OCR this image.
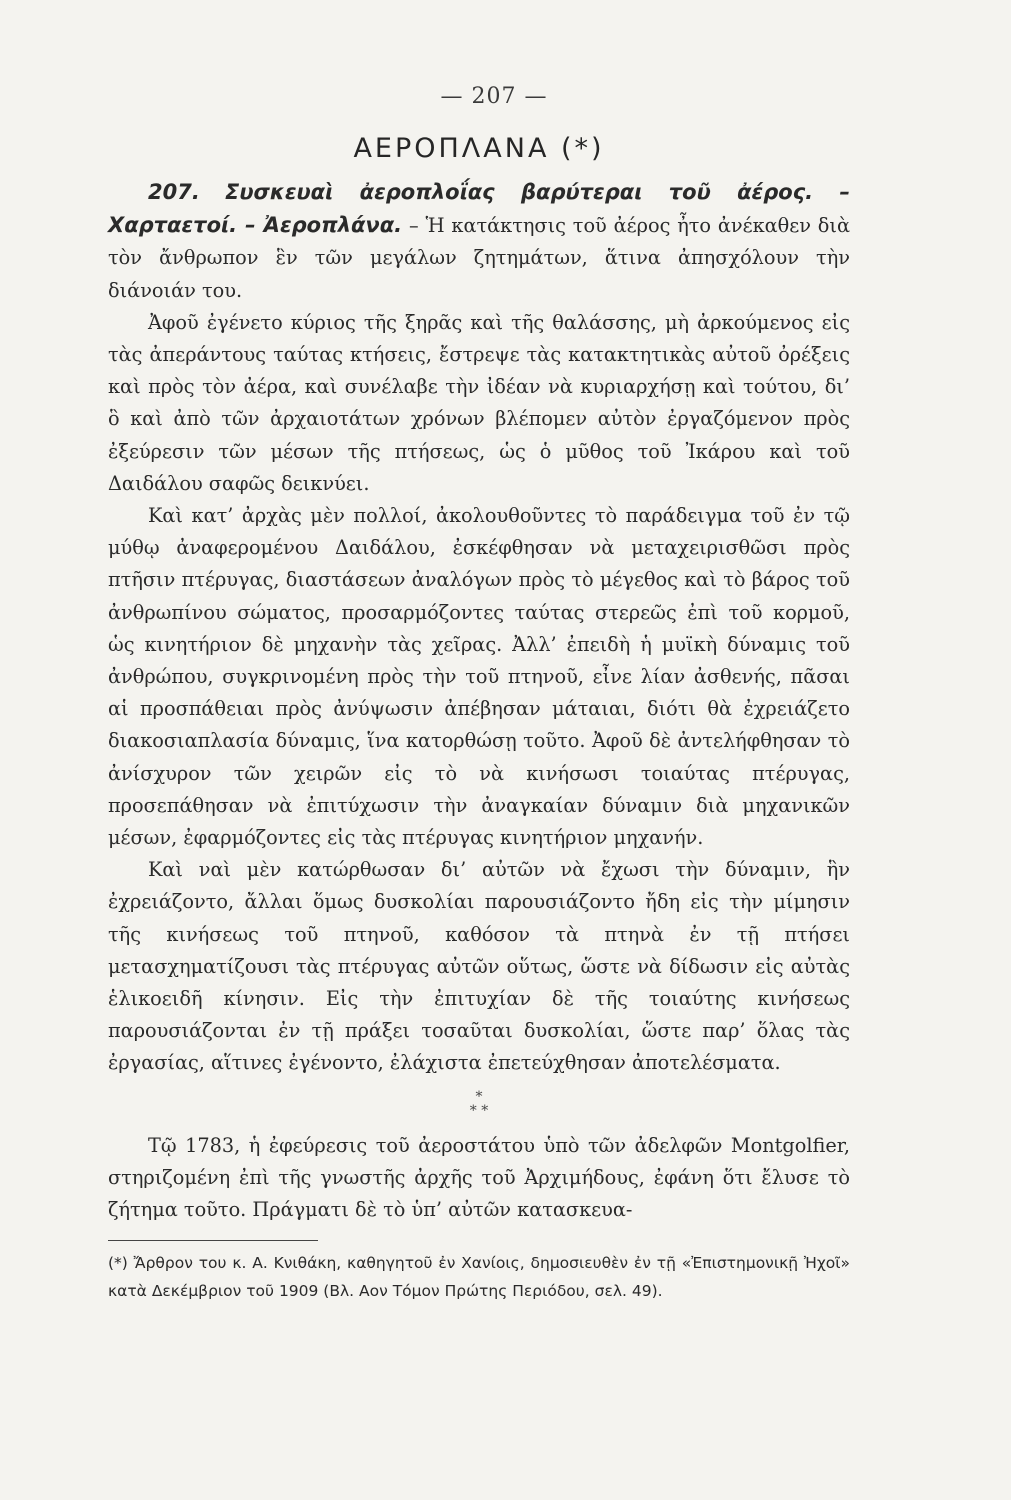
— 207 —
ΑΕΡΟΠΛΑΝΑ (*)

207. Συσκευαὶ ἀεροπλοΐας βαρύτεραι τοῦ ἀέρος. – Χαρταετοί. – Ἀεροπλάνα. – Ἡ κατάκτησις τοῦ ἀέρος ἦτο ἀνέκαθεν διὰ τὸν ἄνθρωπον ἓν τῶν μεγάλων ζητημάτων, ἅτινα ἀπησχόλουν τὴν διάνοιάν του.

Ἀφοῦ ἐγένετο κύριος τῆς ξηρᾶς καὶ τῆς θαλάσσης, μὴ ἀρκούμενος εἰς τὰς ἀπεράντους ταύτας κτήσεις, ἔστρεψε τὰς κατακτητικὰς αὐτοῦ ὀρέξεις καὶ πρὸς τὸν ἀέρα, καὶ συνέλαβε τὴν ἰδέαν νὰ κυριαρχήσῃ καὶ τούτου, δι’ ὃ καὶ ἀπὸ τῶν ἀρχαιοτάτων χρόνων βλέπομεν αὐτὸν ἐργαζόμενον πρὸς ἐξεύρεσιν τῶν μέσων τῆς πτήσεως, ὡς ὁ μῦθος τοῦ Ἰκάρου καὶ τοῦ Δαιδάλου σαφῶς δεικνύει.

Καὶ κατ’ ἀρχὰς μὲν πολλοί, ἀκολουθοῦντες τὸ παράδειγμα τοῦ ἐν τῷ μύθῳ ἀναφερομένου Δαιδάλου, ἐσκέφθησαν νὰ μεταχειρισθῶσι πρὸς πτῆσιν πτέρυγας, διαστάσεων ἀναλόγων πρὸς τὸ μέγεθος καὶ τὸ βάρος τοῦ ἀνθρωπίνου σώματος, προσαρμόζοντες ταύτας στερεῶς ἐπὶ τοῦ κορμοῦ, ὡς κινητήριον δὲ μηχανὴν τὰς χεῖρας. Ἀλλ’ ἐπειδὴ ἡ μυϊκὴ δύναμις τοῦ ἀνθρώπου, συγκρινομένη πρὸς τὴν τοῦ πτηνοῦ, εἶνε λίαν ἀσθενής, πᾶσαι αἱ προσπάθειαι πρὸς ἀνύψωσιν ἀπέβησαν μάταιαι, διότι θὰ ἐχρειάζετο διακοσιαπλασία δύναμις, ἵνα κατορθώσῃ τοῦτο. Ἀφοῦ δὲ ἀντελήφθησαν τὸ ἀνίσχυρον τῶν χειρῶν εἰς τὸ νὰ κινήσωσι τοιαύτας πτέρυγας, προσεπάθησαν νὰ ἐπιτύχωσιν τὴν ἀναγκαίαν δύναμιν διὰ μηχανικῶν μέσων, ἐφαρμόζοντες εἰς τὰς πτέρυγας κινητήριον μηχανήν.

Καὶ ναὶ μὲν κατώρθωσαν δι’ αὐτῶν νὰ ἔχωσι τὴν δύναμιν, ἣν ἐχρειάζοντο, ἄλλαι ὅμως δυσκολίαι παρουσιάζοντο ἤδη εἰς τὴν μίμησιν τῆς κινήσεως τοῦ πτηνοῦ, καθόσον τὰ πτηνὰ ἐν τῇ πτήσει μετασχηματίζουσι τὰς πτέρυγας αὐτῶν οὕτως, ὥστε νὰ δίδωσιν εἰς αὐτὰς ἑλικοειδῆ κίνησιν. Εἰς τὴν ἐπιτυχίαν δὲ τῆς τοιαύτης κινήσεως παρουσιάζονται ἐν τῇ πράξει τοσαῦται δυσκολίαι, ὥστε παρ’ ὅλας τὰς ἐργασίας, αἵτινες ἐγένοντο, ἐλάχιστα ἐπετεύχθησαν ἀποτελέσματα.

*
* *

Τῷ 1783, ἡ ἐφεύρεσις τοῦ ἀεροστάτου ὑπὸ τῶν ἀδελφῶν Montgolfier, στηριζομένη ἐπὶ τῆς γνωστῆς ἀρχῆς τοῦ Ἀρχιμήδους, ἐφάνη ὅτι ἔλυσε τὸ ζήτημα τοῦτο. Πράγματι δὲ τὸ ὑπ’ αὐτῶν κατασκευα-

(*) Ἄρθρον του κ. Α. Κνιθάκη, καθηγητοῦ ἐν Χανίοις, δημοσιευθὲν ἐν τῇ «Ἐπιστημονικῇ Ἠχοῖ» κατὰ Δεκέμβριον τοῦ 1909 (Βλ. Αον Τόμον Πρώτης Περιόδου, σελ. 49).
